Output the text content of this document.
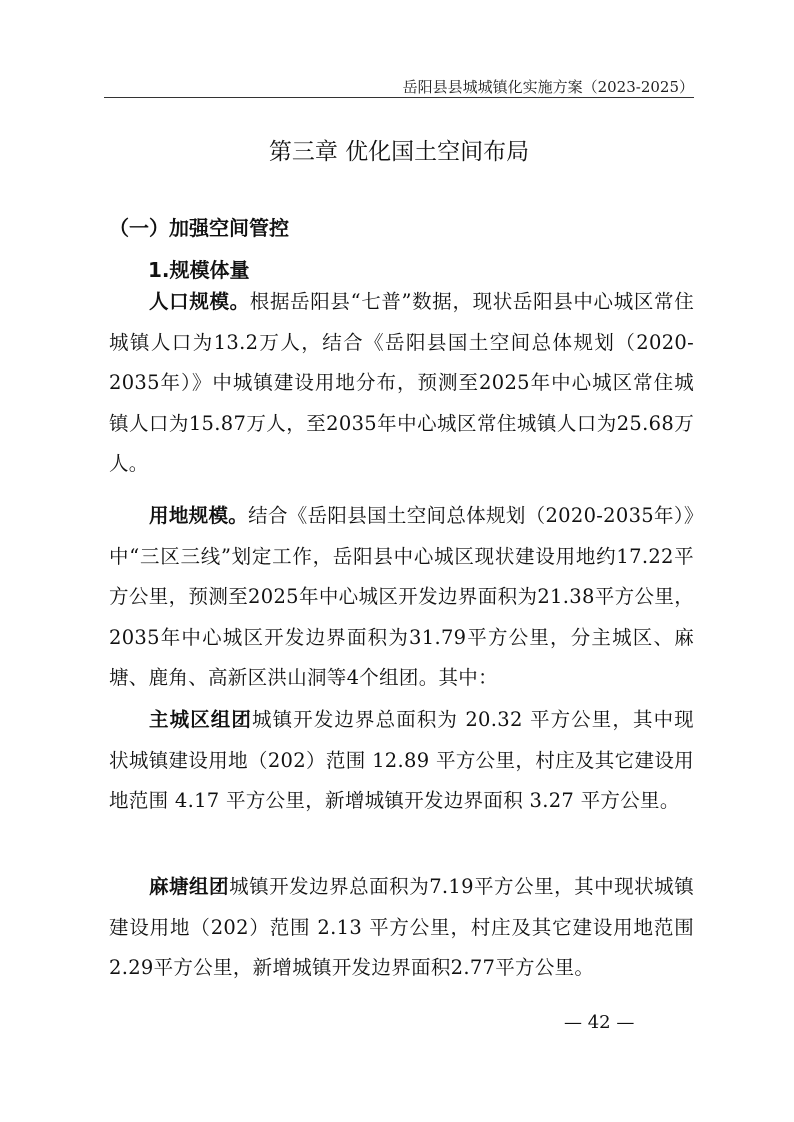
岳阳县县城城镇化实施方案（2023-2025）
第三章 优化国土空间布局
（一）加强空间管控
1.规模体量

人口规模。根据岳阳县“七普”数据，现状岳阳县中心城区常住城镇人口为13.2万人，结合《岳阳县国土空间总体规划（2020-2035年）》中城镇建设用地分布，预测至2025年中心城区常住城镇人口为15.87万人，至2035年中心城区常住城镇人口为25.68万人。

用地规模。结合《岳阳县国土空间总体规划（2020-2035年）》中“三区三线”划定工作，岳阳县中心城区现状建设用地约17.22平方公里，预测至2025年中心城区开发边界面积为21.38平方公里，2035年中心城区开发边界面积为31.79平方公里，分主城区、麻塘、鹿角、高新区洪山洞等4个组团。其中：

主城区组团城镇开发边界总面积为 20.32 平方公里，其中现状城镇建设用地（202）范围 12.89 平方公里，村庄及其它建设用地范围 4.17 平方公里，新增城镇开发边界面积 3.27 平方公里。

麻塘组团城镇开发边界总面积为7.19平方公里，其中现状城镇建设用地（202）范围 2.13 平方公里，村庄及其它建设用地范围2.29平方公里，新增城镇开发边界面积2.77平方公里。

— 42 —
